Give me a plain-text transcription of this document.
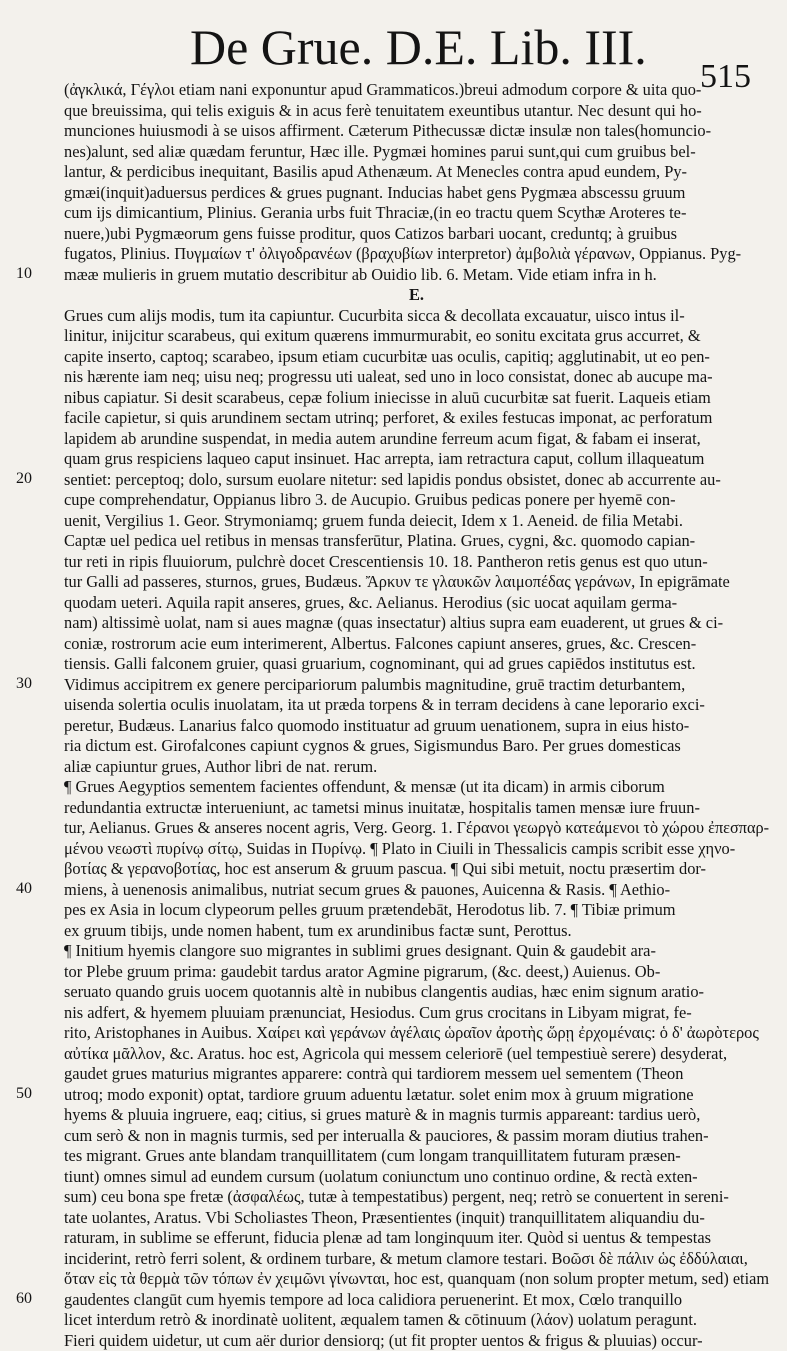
De Grue. D.E. Lib. III.
515
(ἀγκλικά, Γέγλοι etiam nani exponuntur apud Grammaticos.)breui admodum corpore & uita quo-
que breuissima, qui telis exiguis & in acus ferè tenuitatem exeuntibus utantur. Nec desunt qui ho-
munciones huiusmodi à se uisos affirment. Cæterum Pithecussæ dictæ insulæ non tales(homuncio-
nes)alunt, sed aliæ quædam feruntur, Hæc ille. Pygmæi homines parui sunt,qui cum gruibus bel-
lantur, & perdicibus inequitant, Basilis apud Athenæum. At Menecles contra apud eundem, Py-
gmæi(inquit)aduersus perdices & grues pugnant. Inducias habet gens Pygmæa abscessu gruum
cum ijs dimicantium, Plinius. Gerania urbs fuit Thraciæ,(in eo tractu quem Scythæ Aroteres te-
nuere,)ubi Pygmæorum gens fuisse proditur, quos Catizos barbari uocant, creduntq; à gruibus
fugatos, Plinius. Πυγμαίων τ' ὀλιγοδρανέων (βραχυβίων interpretor) ἀμβολιὰ γέρανων, Oppianus. Pyg-
mææ mulieris in gruem mutatio describitur ab Ouidio lib. 6. Metam. Vide etiam infra in h.
E.
Grues cum alijs modis, tum ita capiuntur. Cucurbita sicca & decollata excauatur, uisco intus il-
linitur, inijcitur scarabeus, qui exitum quærens immurmurabit, eo sonitu excitata grus accurret, &
capite inserto, captoq; scarabeo, ipsum etiam cucurbitæ uas oculis, capitiq; agglutinabit, ut eo pen-
nis hærente iam neq; uisu neq; progressu uti ualeat, sed uno in loco consistat, donec ab aucupe ma-
nibus capiatur. Si desit scarabeus, cepæ folium iniecisse in aluū cucurbitæ sat fuerit. Laqueis etiam
facile capietur, si quis arundinem sectam utrinq; perforet, & exiles festucas imponat, ac perforatum
lapidem ab arundine suspendat, in media autem arundine ferreum acum figat, & fabam ei inserat,
quam grus respiciens laqueo caput insinuet. Hac arrepta, iam retractura caput, collum illaqueatum
sentiet: perceptoq; dolo, sursum euolare nitetur: sed lapidis pondus obsistet, donec ab accurrente au-
cupe comprehendatur, Oppianus libro 3. de Aucupio. Gruibus pedicas ponere per hyemē con-
uenit, Vergilius 1. Geor. Strymoniamq; gruem funda deiecit, Idem x 1. Aeneid. de filia Metabi.
Captæ uel pedica uel retibus in mensas transferūtur, Platina. Grues, cygni, &c. quomodo capian-
tur reti in ripis fluuiorum, pulchrè docet Crescentiensis 10. 18. Pantheron retis genus est quo utun-
tur Galli ad passeres, sturnos, grues, Budæus. Ἄρκυν τε γλαυκῶν λαιμοπέδας γεράνων, In epigrāmate
quodam ueteri. Aquila rapit anseres, grues, &c. Aelianus. Herodius (sic uocat aquilam germa-
nam) altissimè uolat, nam si aues magnæ (quas insectatur) altius supra eam euaderent, ut grues & ci-
coniæ, rostrorum acie eum interimerent, Albertus. Falcones capiunt anseres, grues, &c. Crescen-
tiensis. Galli falconem gruier, quasi gruarium, cognominant, qui ad grues capiēdos institutus est.
Vidimus accipitrem ex genere percipariorum palumbis magnitudine, gruē tractim deturbantem,
uisenda solertia oculis inuolatam, ita ut præda torpens & in terram decidens à cane leporario exci-
peretur, Budæus. Lanarius falco quomodo instituatur ad gruum uenationem, supra in eius histo-
ria dictum est. Girofalcones capiunt cygnos & grues, Sigismundus Baro. Per grues domesticas
aliæ capiuntur grues, Author libri de nat. rerum.
¶ Grues Aegyptios sementem facientes offendunt, & mensæ (ut ita dicam) in armis ciborum
redundantia extructæ interueniunt, ac tametsi minus inuitatæ, hospitalis tamen mensæ iure fruun-
tur, Aelianus. Grues & anseres nocent agris, Verg. Georg. 1. Γέρανοι γεωργὸ κατεάμενοι τὸ χώρου ἐπεσπαρ-
μένου νεωστὶ πυρίνῳ σίτῳ, Suidas in Πυρίνῳ. ¶ Plato in Ciuili in Thessalicis campis scribit esse χηνο-
βοτίας & γερανοβοτίας, hoc est anserum & gruum pascua. ¶ Qui sibi metuit, noctu præsertim dor-
miens, à uenenosis animalibus, nutriat secum grues & pauones, Auicenna & Rasis. ¶ Aethio-
pes ex Asia in locum clypeorum pelles gruum prætendebāt, Herodotus lib. 7. ¶ Tibiæ primum
ex gruum tibijs, unde nomen habent, tum ex arundinibus factæ sunt, Perottus.
¶ Initium hyemis clangore suo migrantes in sublimi grues designant. Quin & gaudebit ara-
tor Plebe gruum prima: gaudebit tardus arator Agmine pigrarum, (&c. deest,) Auienus. Ob-
seruato quando gruis uocem quotannis altè in nubibus clangentis audias, hæc enim signum aratio-
nis adfert, & hyemem pluuiam prænunciat, Hesiodus. Cum grus crocitans in Libyam migrat, fe-
rito, Aristophanes in Auibus. Χαίρει καὶ γεράνων ἀγέλαις ὡραῖον ἀροτὴς ὥρῃ ἐρχομέναις: ὁ δ' ἀωρὸτερος
αὐτίκα μᾶλλον, &c. Aratus. hoc est, Agricola qui messem celeriorē (uel tempestiuè serere) desyderat,
gaudet grues maturius migrantes apparere: contrà qui tardiorem messem uel sementem (Theon
utroq; modo exponit) optat, tardiore gruum aduentu lætatur. solet enim mox à gruum migratione
hyems & pluuia ingruere, eaq; citius, si grues maturè & in magnis turmis appareant: tardius uerò,
cum serò & non in magnis turmis, sed per interualla & pauciores, & passim moram diutius trahen-
tes migrant. Grues ante blandam tranquillitatem (cum longam tranquillitatem futuram præsen-
tiunt) omnes simul ad eundem cursum (uolatum coniunctum uno continuo ordine, & rectà exten-
sum) ceu bona spe fretæ (ἀσφαλέως, tutæ à tempestatibus) pergent, neq; retrò se conuertent in sereni-
tate uolantes, Aratus. Vbi Scholiastes Theon, Præsentientes (inquit) tranquillitatem aliquandiu du-
raturam, in sublime se efferunt, fiducia plenæ ad tam longinquum iter. Quòd si uentus & tempestas
inciderint, retrò ferri solent, & ordinem turbare, & metum clamore testari. Βοῶσι δὲ πάλιν ὡς ἐδδύλαιαι,
ὅταν εἰς τὰ θερμὰ τῶν τόπων ἐν χειμῶνι γίνωνται, hoc est, quanquam (non solum propter metum, sed) etiam
gaudentes clangūt cum hyemis tempore ad loca calidiora peruenerint. Et mox, Cœlo tranquillo
licet interdum retrò & inordinatè uolitent, æqualem tamen & cōtinuum (λάον) uolatum peragunt.
Fieri quidem uidetur, ut cum aër durior densiorq; (ut fit propter uentos & frigus & pluuias) occur-
10
20
30
40
50
60
